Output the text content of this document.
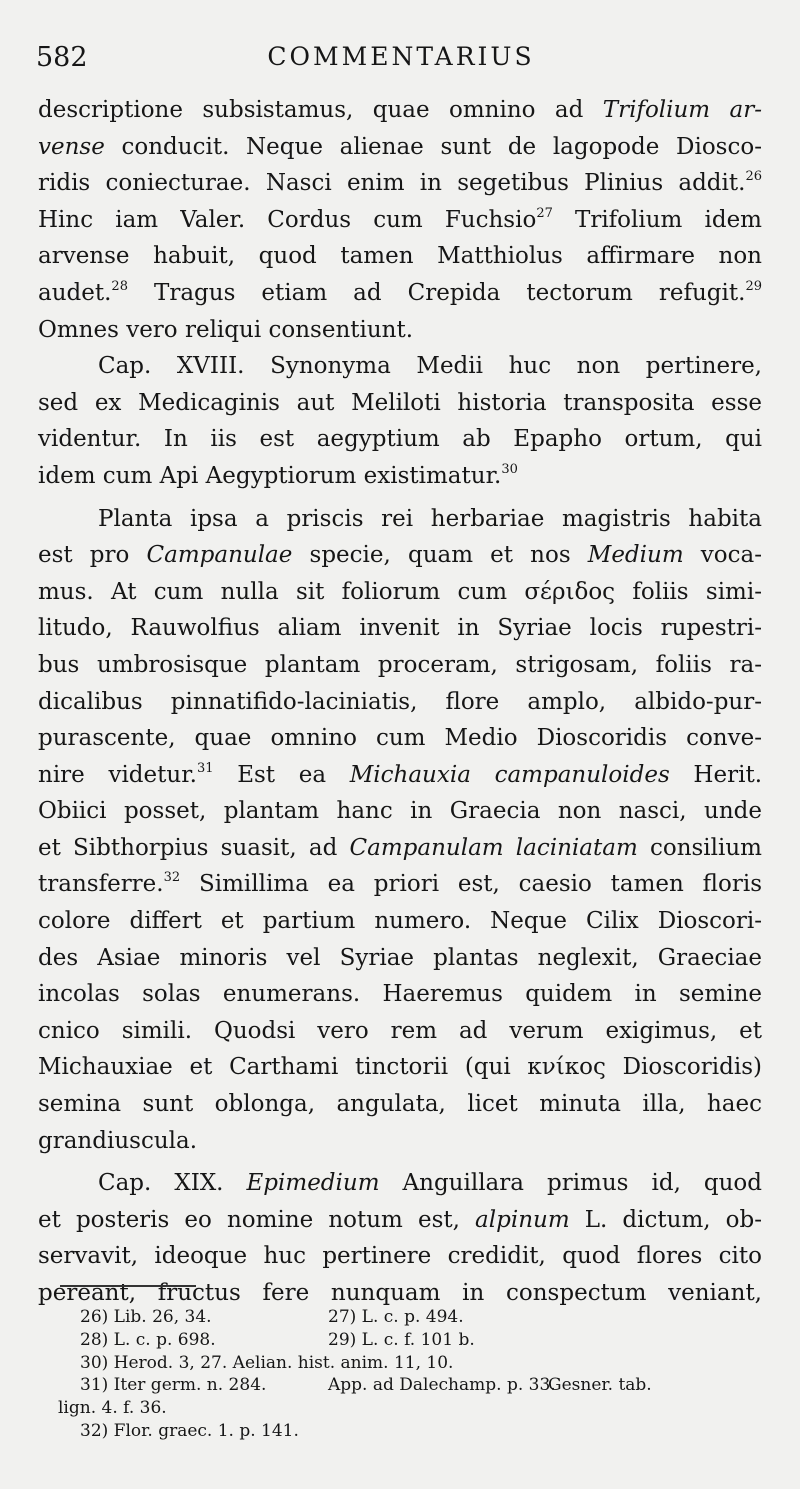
582	COMMENTARIUS
descriptione subsistamus, quae omnino ad Trifolium ar-
vense conducit. Neque alienae sunt de lagopode Diosco-
ridis coniecturae. Nasci enim in segetibus Plinius addit.$^{26}$
Hinc iam Valer. Cordus cum Fuchsio$^{27}$ Trifolium idem
arvense habuit, quod tamen Matthiolus affirmare non
audet.$^{28}$ Tragus etiam ad Crepida tectorum refugit.$^{29}$
Omnes vero reliqui consentiunt.
Cap. XVIII. Synonyma Medii huc non pertinere,
sed ex Medicaginis aut Meliloti historia transposita esse
videntur. In iis est aegyptium ab Epapho ortum, qui
idem cum Api Aegyptiorum existimatur.$^{30}$
Planta ipsa a priscis rei herbariae magistris habita
est pro Campanulae specie, quam et nos Medium voca-
mus. At cum nulla sit foliorum cum σέριδος foliis simi-
litudo, Rauwolfius aliam invenit in Syriae locis rupestri-
bus umbrosisque plantam proceram, strigosam, foliis ra-
dicalibus pinnatifido-laciniatis, flore amplo, albido-pur-
purascente, quae omnino cum Medio Dioscoridis conve-
nire videtur.$^{31}$ Est ea Michauxia campanuloides Herit.
Obiici posset, plantam hanc in Graecia non nasci, unde
et Sibthorpius suasit, ad Campanulam laciniatam consilium
transferre.$^{32}$ Simillima ea priori est, caesio tamen floris
colore differt et partium numero. Neque Cilix Dioscori-
des Asiae minoris vel Syriae plantas neglexit, Graeciae
incolas solas enumerans. Haeremus quidem in semine
cnico simili. Quodsi vero rem ad verum exigimus, et
Michauxiae et Carthami tinctorii (qui κνίκος Dioscoridis)
semina sunt oblonga, angulata, licet minuta illa, haec
grandiuscula.
Cap. XIX. Epimedium Anguillara primus id, quod
et posteris eo nomine notum est, alpinum L. dictum, ob-
servavit, ideoque huc pertinere credidit, quod flores cito
pereant, fructus fere nunquam in conspectum veniant,
26) Lib. 26, 34.	27) L. c. p. 494.
28) L. c. p. 698.	29) L. c. f. 101 b.
30) Herod. 3, 27. Aelian. hist. anim. 11, 10.
31) Iter germ. n. 284.	App. ad Dalechamp. p. 33.
Gesner. tab.
lign. 4. f. 36.
32) Flor. graec. 1. p. 141.
